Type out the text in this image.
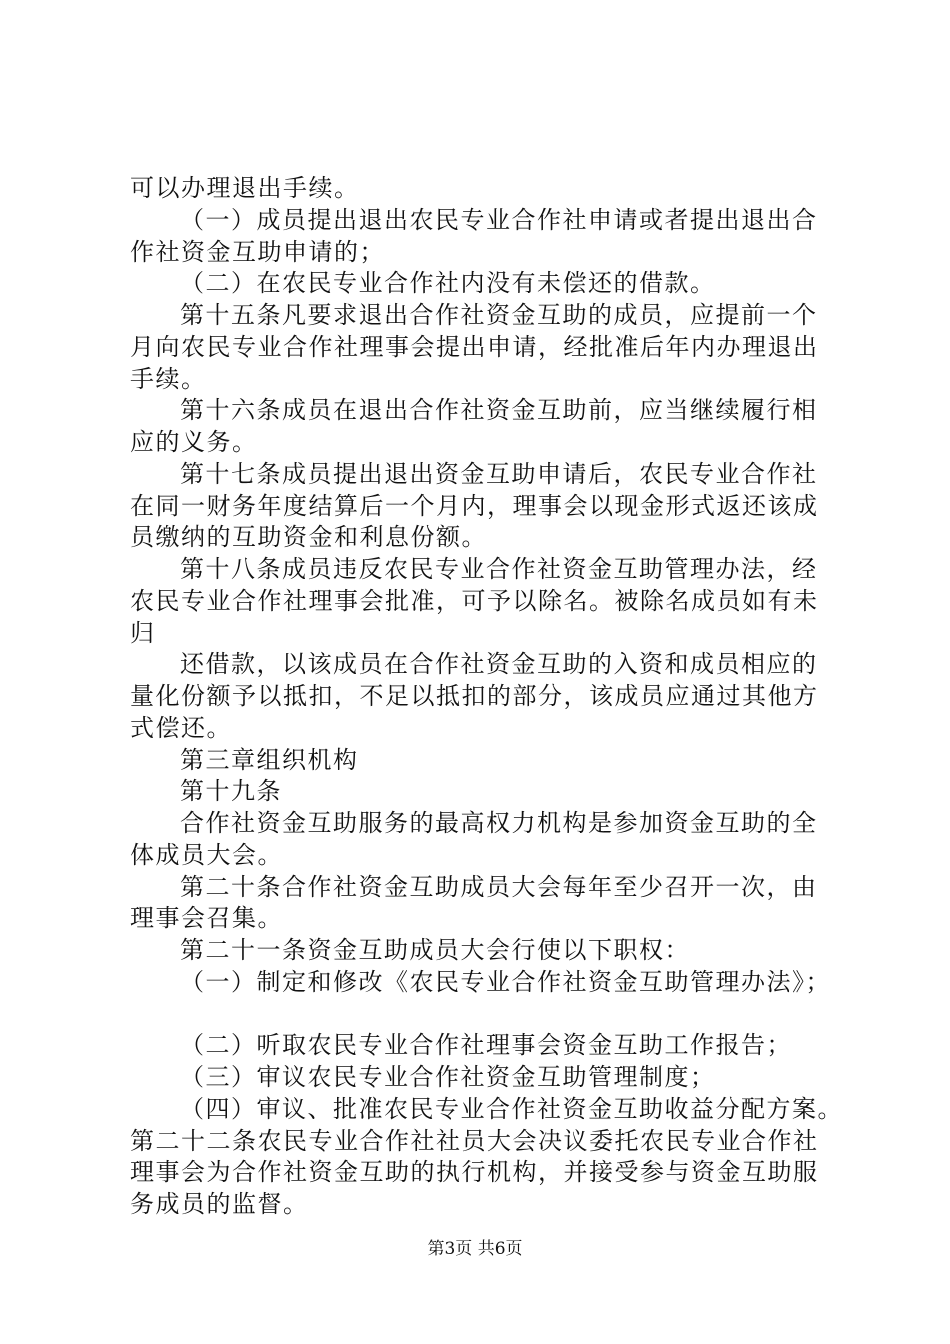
可以办理退出手续。
（一）成员提出退出农民专业合作社申请或者提出退出合
作社资金互助申请的；
（二）在农民专业合作社内没有未偿还的借款。
第十五条凡要求退出合作社资金互助的成员，应提前一个
月向农民专业合作社理事会提出申请，经批准后年内办理退出
手续。
第十六条成员在退出合作社资金互助前，应当继续履行相
应的义务。
第十七条成员提出退出资金互助申请后，农民专业合作社
在同一财务年度结算后一个月内，理事会以现金形式返还该成
员缴纳的互助资金和利息份额。
第十八条成员违反农民专业合作社资金互助管理办法，经
农民专业合作社理事会批准，可予以除名。被除名成员如有未
归
还借款，以该成员在合作社资金互助的入资和成员相应的
量化份额予以抵扣，不足以抵扣的部分，该成员应通过其他方
式偿还。
第三章组织机构
第十九条
合作社资金互助服务的最高权力机构是参加资金互助的全
体成员大会。
第二十条合作社资金互助成员大会每年至少召开一次，由
理事会召集。
第二十一条资金互助成员大会行使以下职权：
（一）制定和修改《农民专业合作社资金互助管理办法》；
（二）听取农民专业合作社理事会资金互助工作报告；
（三）审议农民专业合作社资金互助管理制度；
（四）审议、批准农民专业合作社资金互助收益分配方案。
第二十二条农民专业合作社社员大会决议委托农民专业合作社
理事会为合作社资金互助的执行机构，并接受参与资金互助服
务成员的监督。
第3页 共6页
